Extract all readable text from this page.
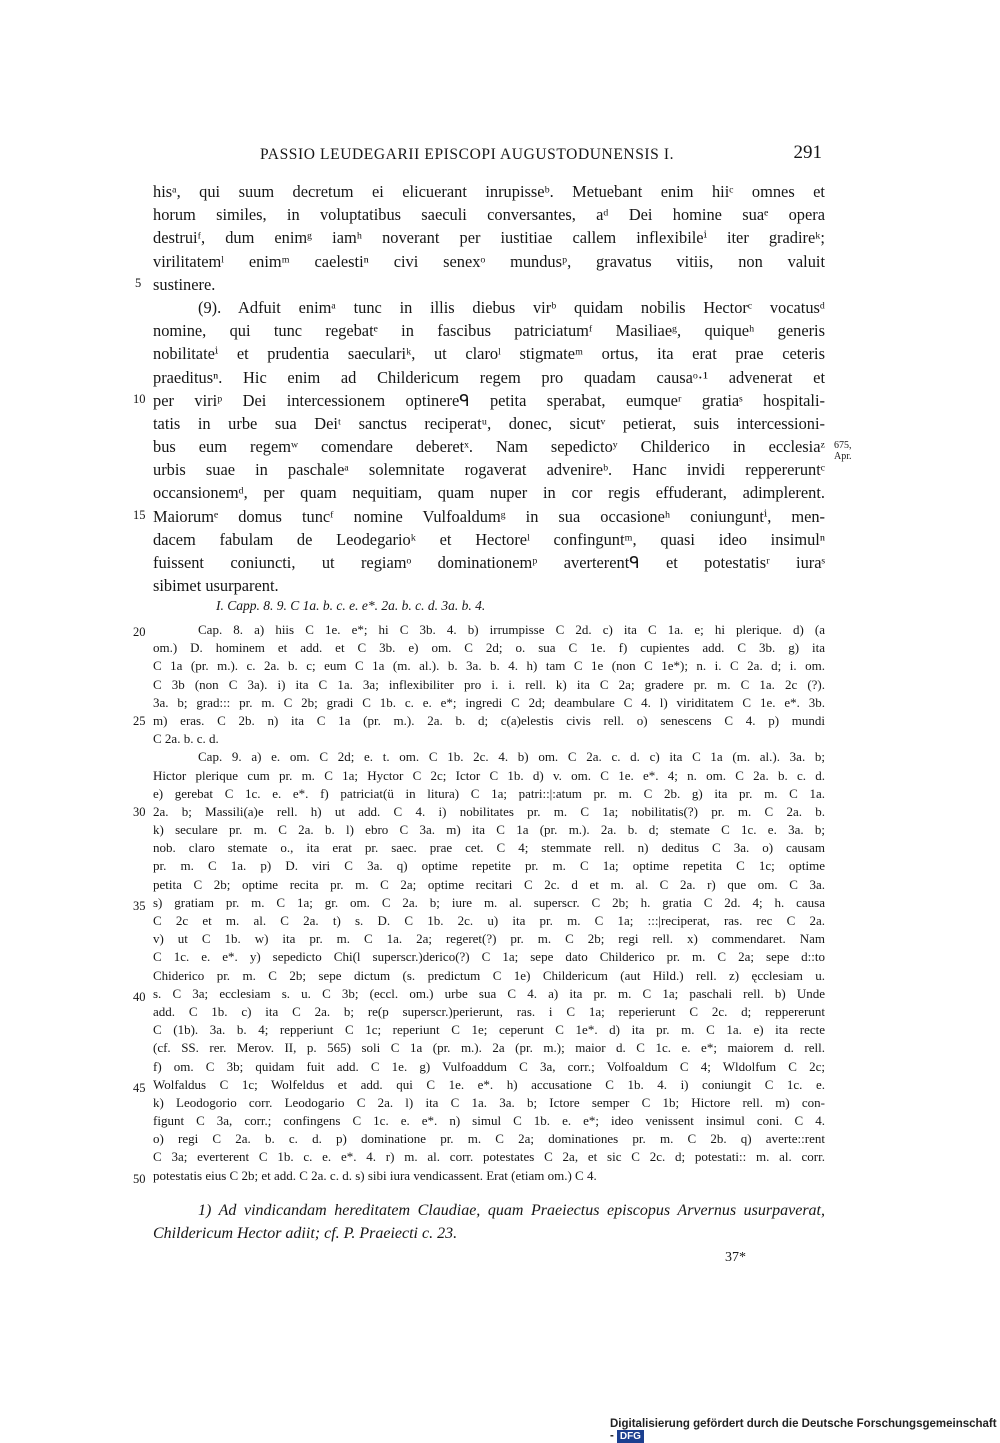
PASSIO LEUDEGARII EPISCOPI AUGUSTODUNENSIS I.	291
hisᵃ, qui suum decretum ei elicuerant inrupisseᵇ. Metuebant enim hiiᶜ omnes et
horum similes, in voluptatibus saeculi conversantes, aᵈ Dei homine suaᵉ opera
destruiᶠ, dum enimᵍ iamʰ noverant per iustitiae callem inflexibileⁱ iter gradireᵏ;
virilitatemˡ enimᵐ caelestiⁿ civi senexᵒ mundusᵖ, gravatus vitiis, non valuit
sustinere.
(9). Adfuit enimᵃ tunc in illis diebus virᵇ quidam nobilis Hectorᶜ vocatusᵈ
nomine, qui tunc regebatᵉ in fascibus patriciatumᶠ Masiliaeᵍ, quiqueʰ generis
nobilitateⁱ et prudentia saeculariᵏ, ut claroˡ stigmateᵐ ortus, ita erat prae ceteris
praeditusⁿ. Hic enim ad Childericum regem pro quadam causaᵒ·¹ advenerat et
per viriᵖ Dei intercessionem optinereᑫ petita sperabat, eumqueʳ gratiaˢ hospitali-
tatis in urbe sua Deiᵗ sanctus reciperatᵘ, donec, sicutᵛ petierat, suis intercessioni-
bus eum regemʷ comendare deberetˣ. Nam sepedictoʸ Childerico in ecclesiaᶻ
urbis suae in paschaleᵃ solemnitate rogaverat advenireᵇ. Hanc invidi reppereruntᶜ
occansionemᵈ, per quam nequitiam, quam nuper in cor regis effuderant, adimplerent.
Maiorumᵉ domus tuncᶠ nomine Vulfoaldumᵍ in sua occasioneʰ coniunguntⁱ, men-
dacem fabulam de Leodegarioᵏ et Hectoreˡ confinguntᵐ, quasi ideo insimulⁿ
fuissent coniuncti, ut regiamᵒ dominationemᵖ averterentᑫ et potestatisʳ iuraˢ
sibimet usurparent.
5
10
15
675,
Apr.
I. Capp. 8. 9. C 1a. b. c. e. e*. 2a. b. c. d. 3a. b. 4.
Cap. 8. a) hiis C 1e. e*; hi C 3b. 4. b) irrumpisse C 2d. c) ita C 1a. e; hi plerique. d) (a
om.) D. hominem et add. et C 3b. e) om. C 2d; o. sua C 1e. f) cupientes add. C 3b. g) ita
C 1a (pr. m.). c. 2a. b. c; eum C 1a (m. al.). b. 3a. b. 4. h) tam C 1e (non C 1e*); n. i. C 2a. d; i. om.
C 3b (non C 3a). i) ita C 1a. 3a; inflexibiliter pro i. i. rell. k) ita C 2a; gradere pr. m. C 1a. 2c (?).
3a. b; grad::: pr. m. C 2b; gradi C 1b. c. e. e*; ingredi C 2d; deambulare C 4. l) viriditatem C 1e. e*. 3b.
m) eras. C 2b. n) ita C 1a (pr. m.). 2a. b. d; c(a)elestis civis rell. o) senescens C 4. p) mundi
C 2a. b. c. d.
Cap. 9. a) e. om. C 2d; e. t. om. C 1b. 2c. 4. b) om. C 2a. c. d. c) ita C 1a (m. al.). 3a. b;
Hictor plerique cum pr. m. C 1a; Hyctor C 2c; Ictor C 1b. d) v. om. C 1e. e*. 4; n. om. C 2a. b. c. d.
e) gerebat C 1c. e. e*. f) patriciat(ü in litura) C 1a; patri::|:atum pr. m. C 2b. g) ita pr. m. C 1a.
2a. b; Massili(a)e rell. h) ut add. C 4. i) nobilitates pr. m. C 1a; nobilitatis(?) pr. m. C 2a. b.
k) seculare pr. m. C 2a. b. l) ebro C 3a. m) ita C 1a (pr. m.). 2a. b. d; stemate C 1c. e. 3a. b;
nob. claro stemate o., ita erat pr. saec. prae cet. C 4; stemmate rell. n) deditus C 3a. o) causam
pr. m. C 1a. p) D. viri C 3a. q) optime repetite pr. m. C 1a; optime repetita C 1c; optime
petita C 2b; optime recita pr. m. C 2a; optime recitari C 2c. d et m. al. C 2a. r) que om. C 3a.
s) gratiam pr. m. C 1a; gr. om. C 2a. b; iure m. al. superscr. C 2b; h. gratia C 2d. 4; h. causa
C 2c et m. al. C 2a. t) s. D. C 1b. 2c. u) ita pr. m. C 1a; :::|reciperat, ras. rec C 2a.
v) ut C 1b. w) ita pr. m. C 1a. 2a; regeret(?) pr. m. C 2b; regi rell. x) commendaret. Nam
C 1c. e. e*. y) sepedicto Chi(l superscr.)derico(?) C 1a; sepe dato Childerico pr. m. C 2a; sepe d::to
Chiderico pr. m. C 2b; sepe dictum (s. predictum C 1e) Childericum (aut Hild.) rell. z) ęcclesiam u.
s. C 3a; ecclesiam s. u. C 3b; (eccl. om.) urbe sua C 4. a) ita pr. m. C 1a; paschali rell. b) Unde
add. C 1b. c) ita C 2a. b; re(p superscr.)perierunt, ras. i C 1a; reperierunt C 2c. d; reppererunt
C (1b). 3a. b. 4; repperiunt C 1c; reperiunt C 1e; ceperunt C 1e*. d) ita pr. m. C 1a. e) ita recte
(cf. SS. rer. Merov. II, p. 565) soli C 1a (pr. m.). 2a (pr. m.); maior d. C 1c. e. e*; maiorem d. rell.
f) om. C 3b; quidam fuit add. C 1e. g) Vulfoaddum C 3a, corr.; Volfoaldum C 4; Wldolfum C 2c;
Wolfaldus C 1c; Wolfeldus et add. qui C 1e. e*. h) accusatione C 1b. 4. i) coniungit C 1c. e.
k) Leodogorio corr. Leodogario C 2a. l) ita C 1a. 3a. b; Ictore semper C 1b; Hictore rell. m) con-
figunt C 3a, corr.; confingens C 1c. e. e*. n) simul C 1b. e. e*; ideo venissent insimul coni. C 4.
o) regi C 2a. b. c. d. p) dominatione pr. m. C 2a; dominationes pr. m. C 2b. q) averte::rent
C 3a; everterent C 1b. c. e. e*. 4. r) m. al. corr. potestates C 2a, et sic C 2c. d; potestati:: m. al. corr.
potestatis eius C 2b; et add. C 2a. c. d. s) sibi iura vendicassent. Erat (etiam om.) C 4.
20
25
30
35
40
45
50
1) Ad vindicandam hereditatem Claudiae, quam Praeiectus episcopus Arvernus usurpaverat,
Childericum Hector adiit; cf. P. Praeiecti c. 23.
37*
Digitalisierung gefördert durch die Deutsche Forschungsgemeinschaft - DFG
